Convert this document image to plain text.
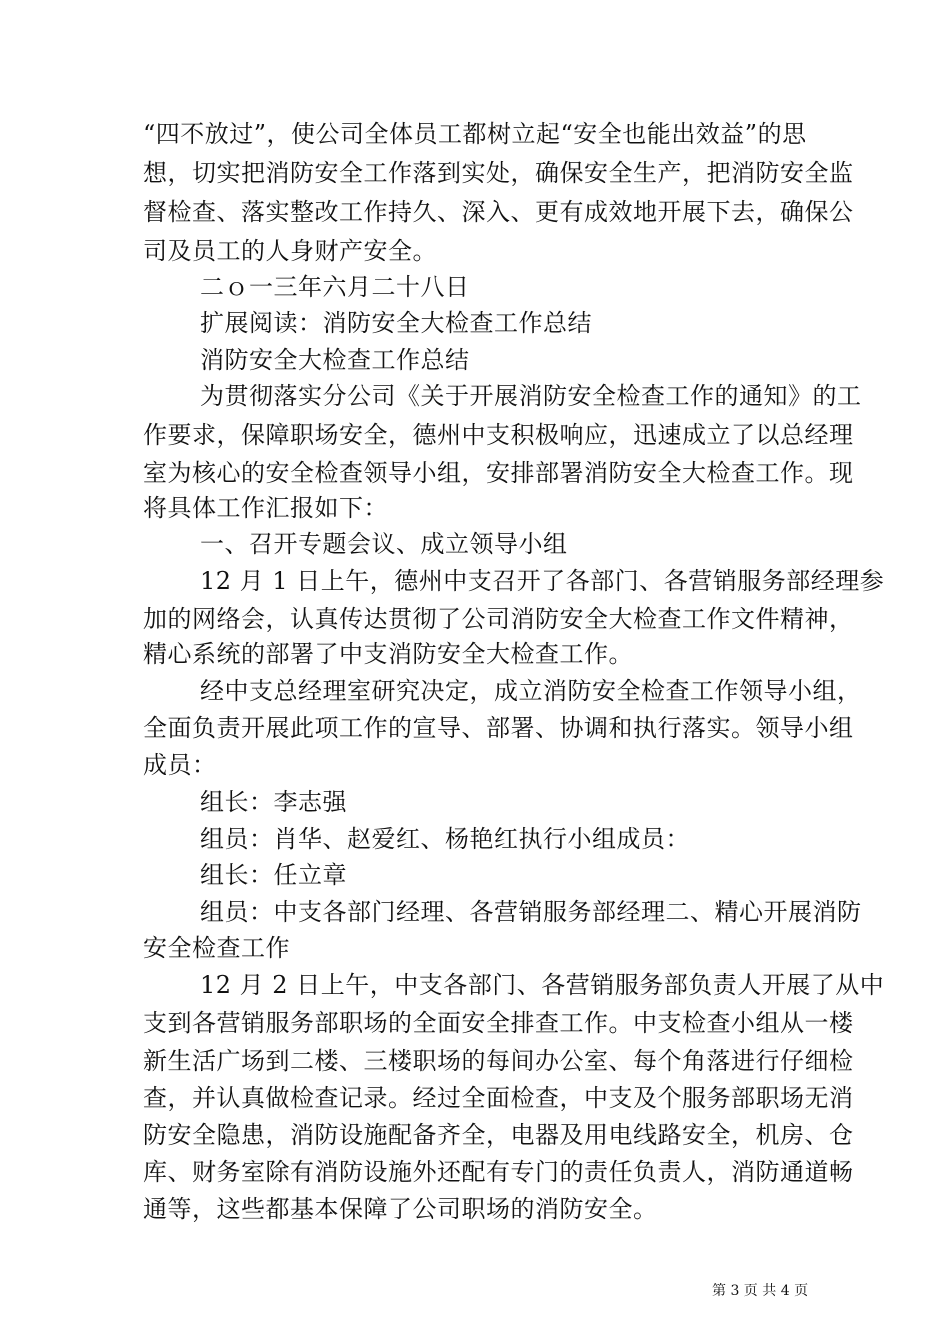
“四不放过”，使公司全体员工都树立起“安全也能出效益”的思
想，切实把消防安全工作落到实处，确保安全生产，把消防安全监
督检查、落实整改工作持久、深入、更有成效地开展下去，确保公
司及员工的人身财产安全。
二ｏ一三年六月二十八日
扩展阅读：消防安全大检查工作总结
消防安全大检查工作总结
为贯彻落实分公司《关于开展消防安全检查工作的通知》的工
作要求，保障职场安全，德州中支积极响应，迅速成立了以总经理
室为核心的安全检查领导小组，安排部署消防安全大检查工作。现
将具体工作汇报如下：
一、召开专题会议、成立领导小组
12 月 1 日上午，德州中支召开了各部门、各营销服务部经理参
加的网络会，认真传达贯彻了公司消防安全大检查工作文件精神，
精心系统的部署了中支消防安全大检查工作。
经中支总经理室研究决定，成立消防安全检查工作领导小组，
全面负责开展此项工作的宣导、部署、协调和执行落实。领导小组
成员：
组长：李志强
组员：肖华、赵爱红、杨艳红执行小组成员：
组长：任立章
组员：中支各部门经理、各营销服务部经理二、精心开展消防
安全检查工作
12 月 2 日上午，中支各部门、各营销服务部负责人开展了从中
支到各营销服务部职场的全面安全排查工作。中支检查小组从一楼
新生活广场到二楼、三楼职场的每间办公室、每个角落进行仔细检
查，并认真做检查记录。经过全面检查，中支及个服务部职场无消
防安全隐患，消防设施配备齐全，电器及用电线路安全，机房、仓
库、财务室除有消防设施外还配有专门的责任负责人，消防通道畅
通等，这些都基本保障了公司职场的消防安全。
第 3 页 共 4 页
